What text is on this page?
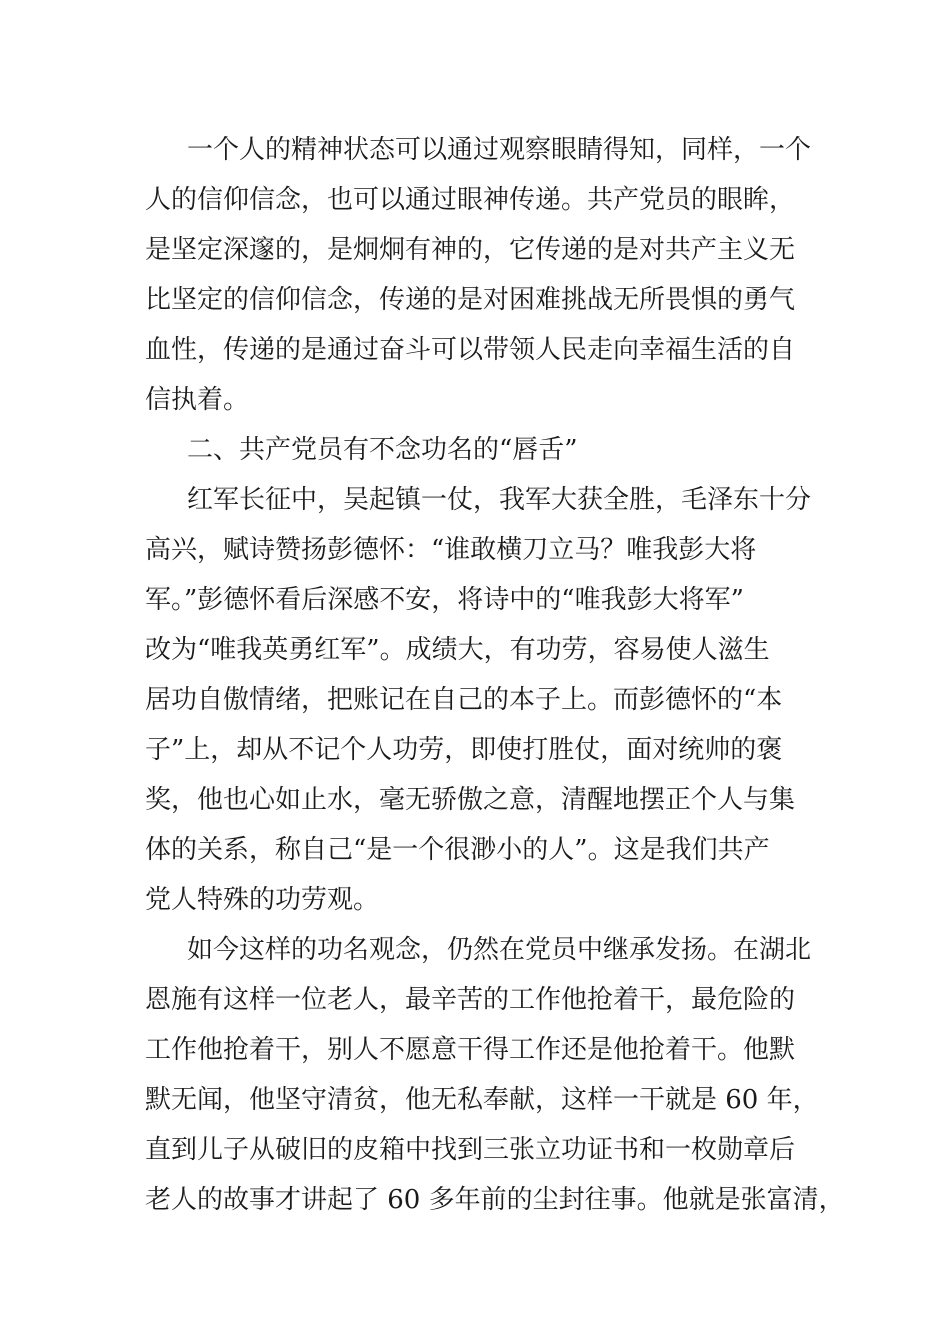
一个人的精神状态可以通过观察眼睛得知，同样，一个
人的信仰信念，也可以通过眼神传递。共产党员的眼眸，
是坚定深邃的，是炯炯有神的，它传递的是对共产主义无
比坚定的信仰信念，传递的是对困难挑战无所畏惧的勇气
血性，传递的是通过奋斗可以带领人民走向幸福生活的自
信执着。
二、共产党员有不念功名的“唇舌”
红军长征中，吴起镇一仗，我军大获全胜，毛泽东十分
高兴，赋诗赞扬彭德怀：“谁敢横刀立马？唯我彭大将
军。”彭德怀看后深感不安，将诗中的“唯我彭大将军”
改为“唯我英勇红军”。成绩大，有功劳，容易使人滋生
居功自傲情绪，把账记在自己的本子上。而彭德怀的“本
子”上，却从不记个人功劳，即使打胜仗，面对统帅的褒
奖，他也心如止水，毫无骄傲之意，清醒地摆正个人与集
体的关系，称自己“是一个很渺小的人”。这是我们共产
党人特殊的功劳观。
如今这样的功名观念，仍然在党员中继承发扬。在湖北
恩施有这样一位老人，最辛苦的工作他抢着干，最危险的
工作他抢着干，别人不愿意干得工作还是他抢着干。他默
默无闻，他坚守清贫，他无私奉献，这样一干就是 60 年，
直到儿子从破旧的皮箱中找到三张立功证书和一枚勋章后
老人的故事才讲起了 60 多年前的尘封往事。他就是张富清，
